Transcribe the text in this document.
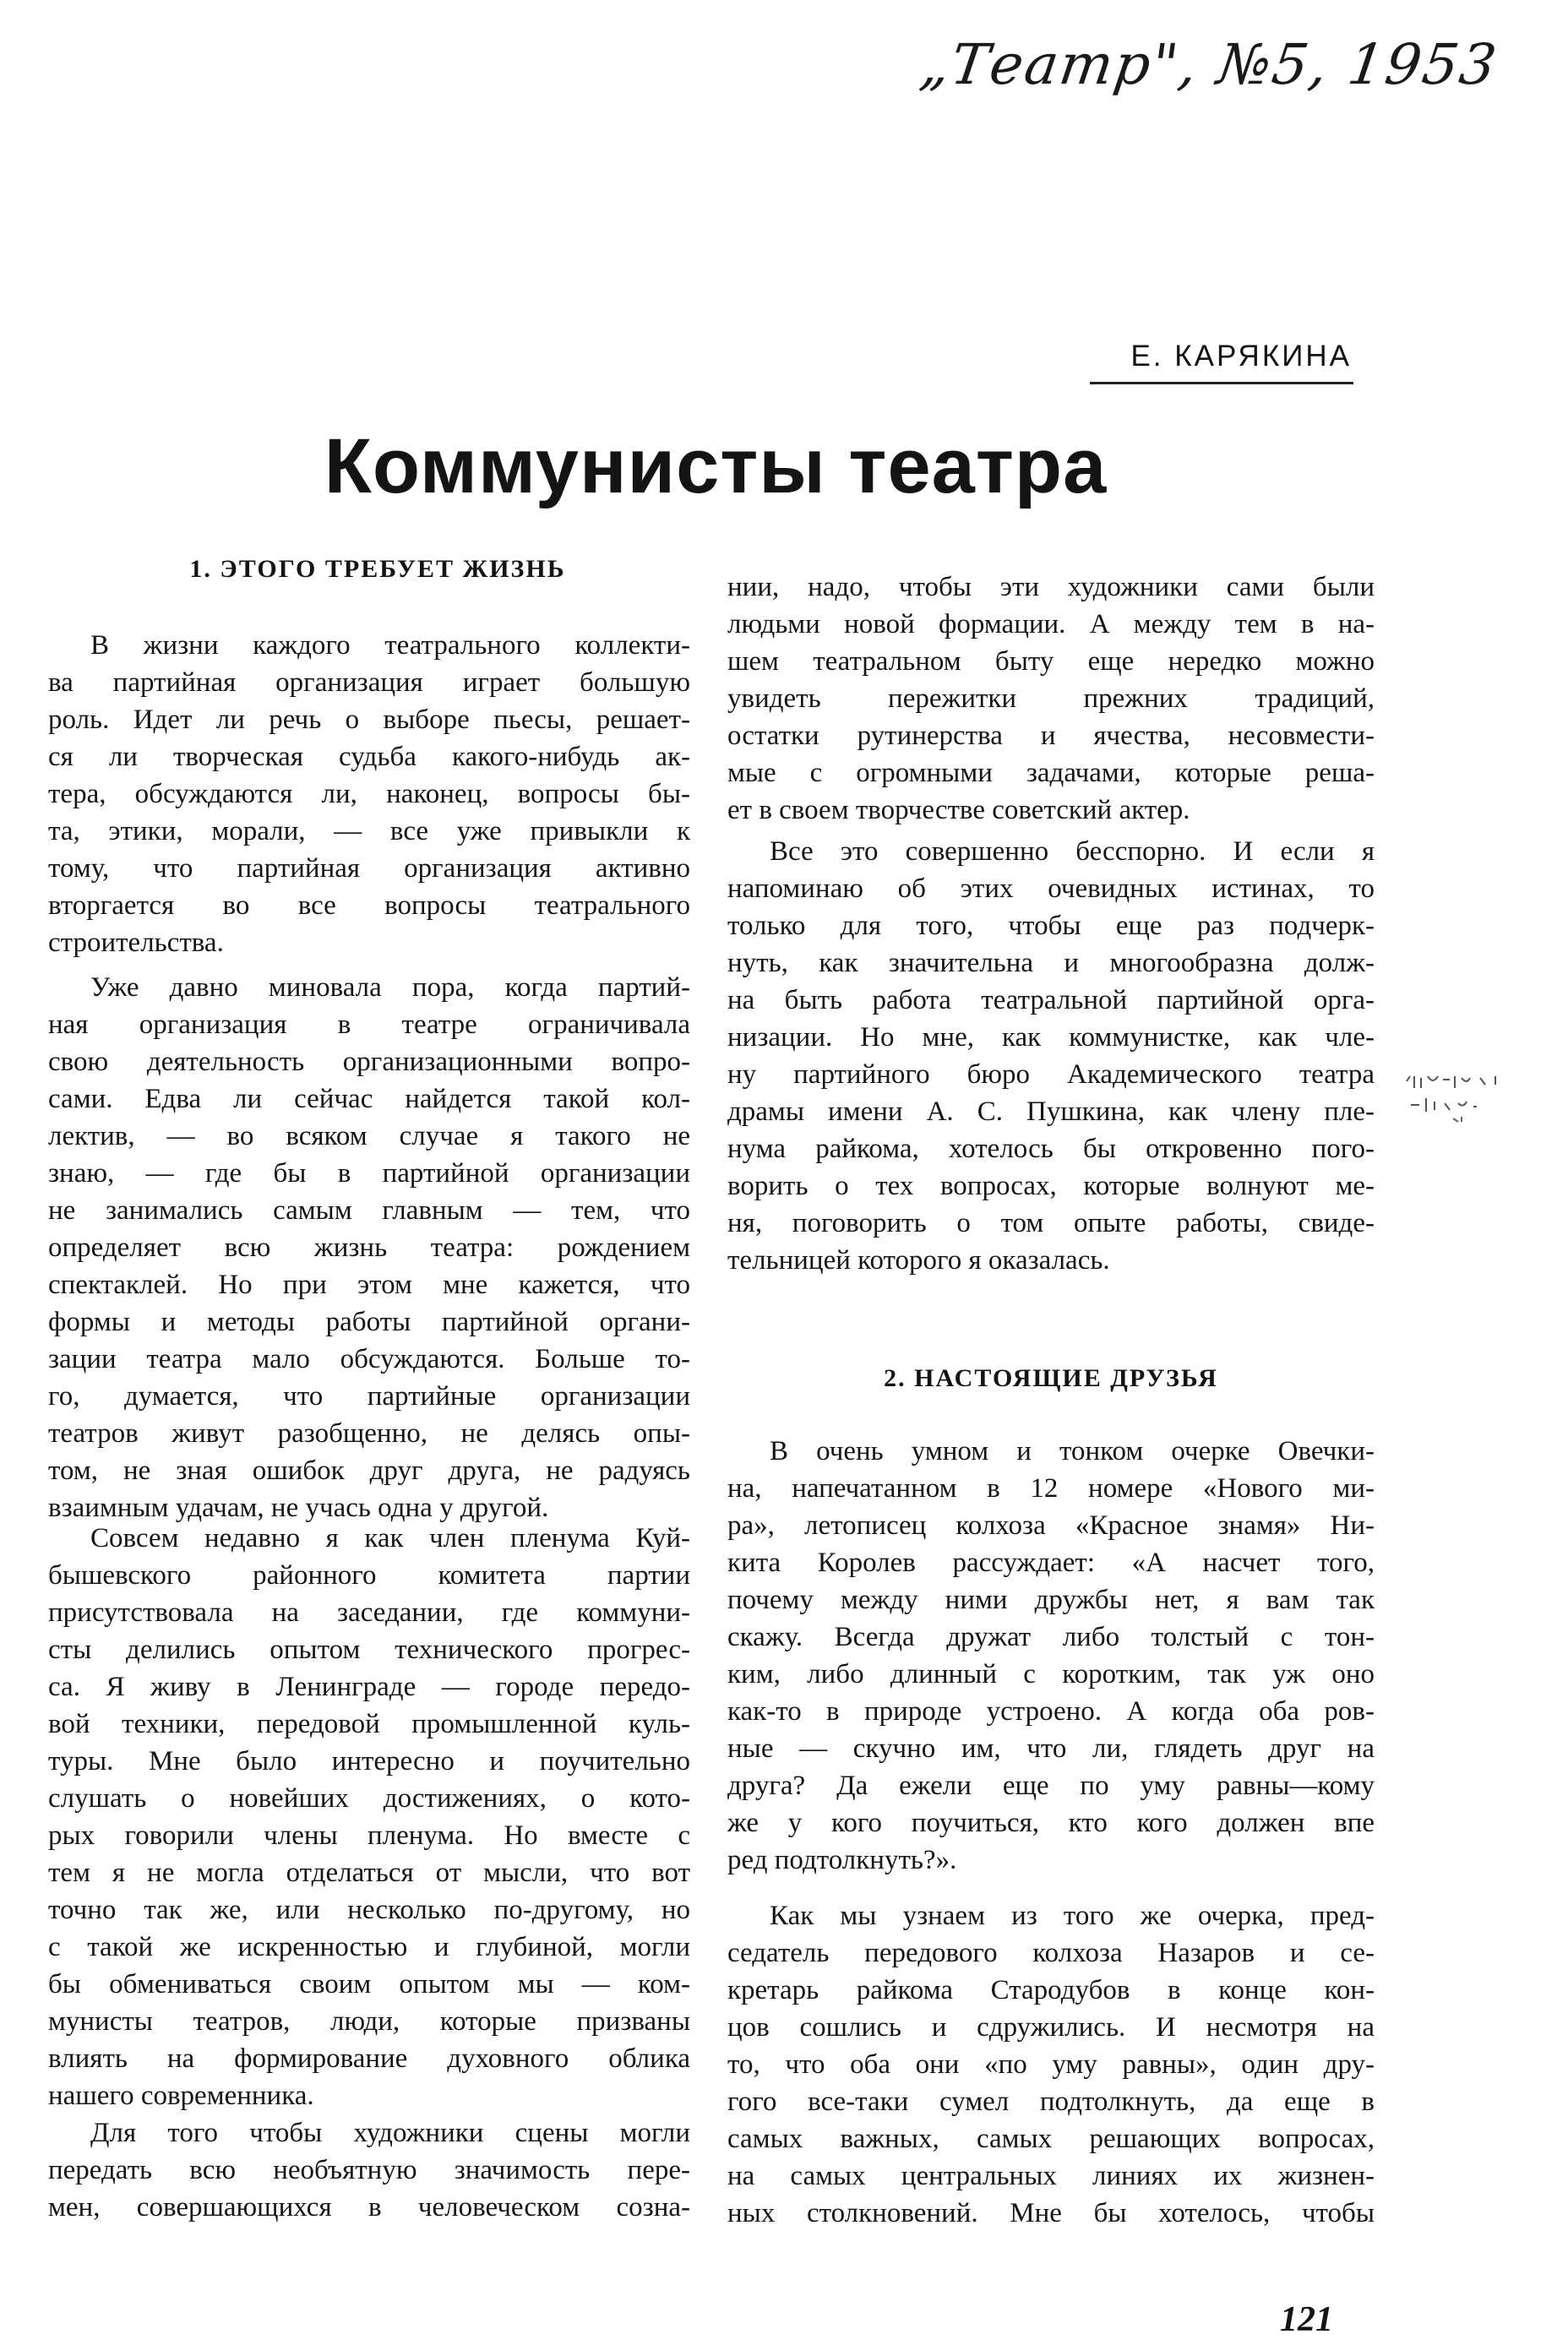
„Театр", №5, 1953
Е. КАРЯКИНА
Коммунисты театра
1. ЭТОГО ТРЕБУЕТ ЖИЗНЬ
В жизни каждого театрального коллекти-
ва партийная организация играет большую
роль. Идет ли речь о выборе пьесы, решает-
ся ли творческая судьба какого-нибудь ак-
тера, обсуждаются ли, наконец, вопросы бы-
та, этики, морали, — все уже привыкли к
тому, что партийная организация активно
вторгается во все вопросы театрального
строительства.
Уже давно миновала пора, когда партий-
ная организация в театре ограничивала
свою деятельность организационными вопро-
сами. Едва ли сейчас найдется такой кол-
лектив, — во всяком случае я такого не
знаю, — где бы в партийной организации
не занимались самым главным — тем, что
определяет всю жизнь театра: рождением
спектаклей. Но при этом мне кажется, что
формы и методы работы партийной органи-
зации театра мало обсуждаются. Больше то-
го, думается, что партийные организации
театров живут разобщенно, не делясь опы-
том, не зная ошибок друг друга, не радуясь
взаимным удачам, не учась одна у другой.
Совсем недавно я как член пленума Куй-
бышевского районного комитета партии
присутствовала на заседании, где коммуни-
сты делились опытом технического прогрес-
са. Я живу в Ленинграде — городе передо-
вой техники, передовой промышленной куль-
туры. Мне было интересно и поучительно
слушать о новейших достижениях, о кото-
рых говорили члены пленума. Но вместе с
тем я не могла отделаться от мысли, что вот
точно так же, или несколько по-другому, но
с такой же искренностью и глубиной, могли
бы обмениваться своим опытом мы — ком-
мунисты театров, люди, которые призваны
влиять на формирование духовного облика
нашего современника.
Для того чтобы художники сцены могли
передать всю необъятную значимость пере-
мен, совершающихся в человеческом созна-
нии, надо, чтобы эти художники сами были
людьми новой формации. А между тем в на-
шем театральном быту еще нередко можно
увидеть пережитки прежних традиций,
остатки рутинерства и ячества, несовмести-
мые с огромными задачами, которые реша-
ет в своем творчестве советский актер.
Все это совершенно бесспорно. И если я
напоминаю об этих очевидных истинах, то
только для того, чтобы еще раз подчерк-
нуть, как значительна и многообразна долж-
на быть работа театральной партийной орга-
низации. Но мне, как коммунистке, как чле-
ну партийного бюро Академического театра
драмы имени А. С. Пушкина, как члену пле-
нума райкома, хотелось бы откровенно пого-
ворить о тех вопросах, которые волнуют ме-
ня, поговорить о том опыте работы, свиде-
тельницей которого я оказалась.
2. НАСТОЯЩИЕ ДРУЗЬЯ
В очень умном и тонком очерке Овечки-
на, напечатанном в 12 номере «Нового ми-
ра», летописец колхоза «Красное знамя» Ни-
кита Королев рассуждает: «А насчет того,
почему между ними дружбы нет, я вам так
скажу. Всегда дружат либо толстый с тон-
ким, либо длинный с коротким, так уж оно
как-то в природе устроено. А когда оба ров-
ные — скучно им, что ли, глядеть друг на
друга? Да ежели еще по уму равны—кому
же у кого поучиться, кто кого должен впе
ред подтолкнуть?».
Как мы узнаем из того же очерка, пред-
седатель передового колхоза Назаров и се-
кретарь райкома Стародубов в конце кон-
цов сошлись и сдружились. И несмотря на
то, что оба они «по уму равны», один дру-
гого все-таки сумел подтолкнуть, да еще в
самых важных, самых решающих вопросах,
на самых центральных линиях их жизнен-
ных столкновений. Мне бы хотелось, чтобы
121
